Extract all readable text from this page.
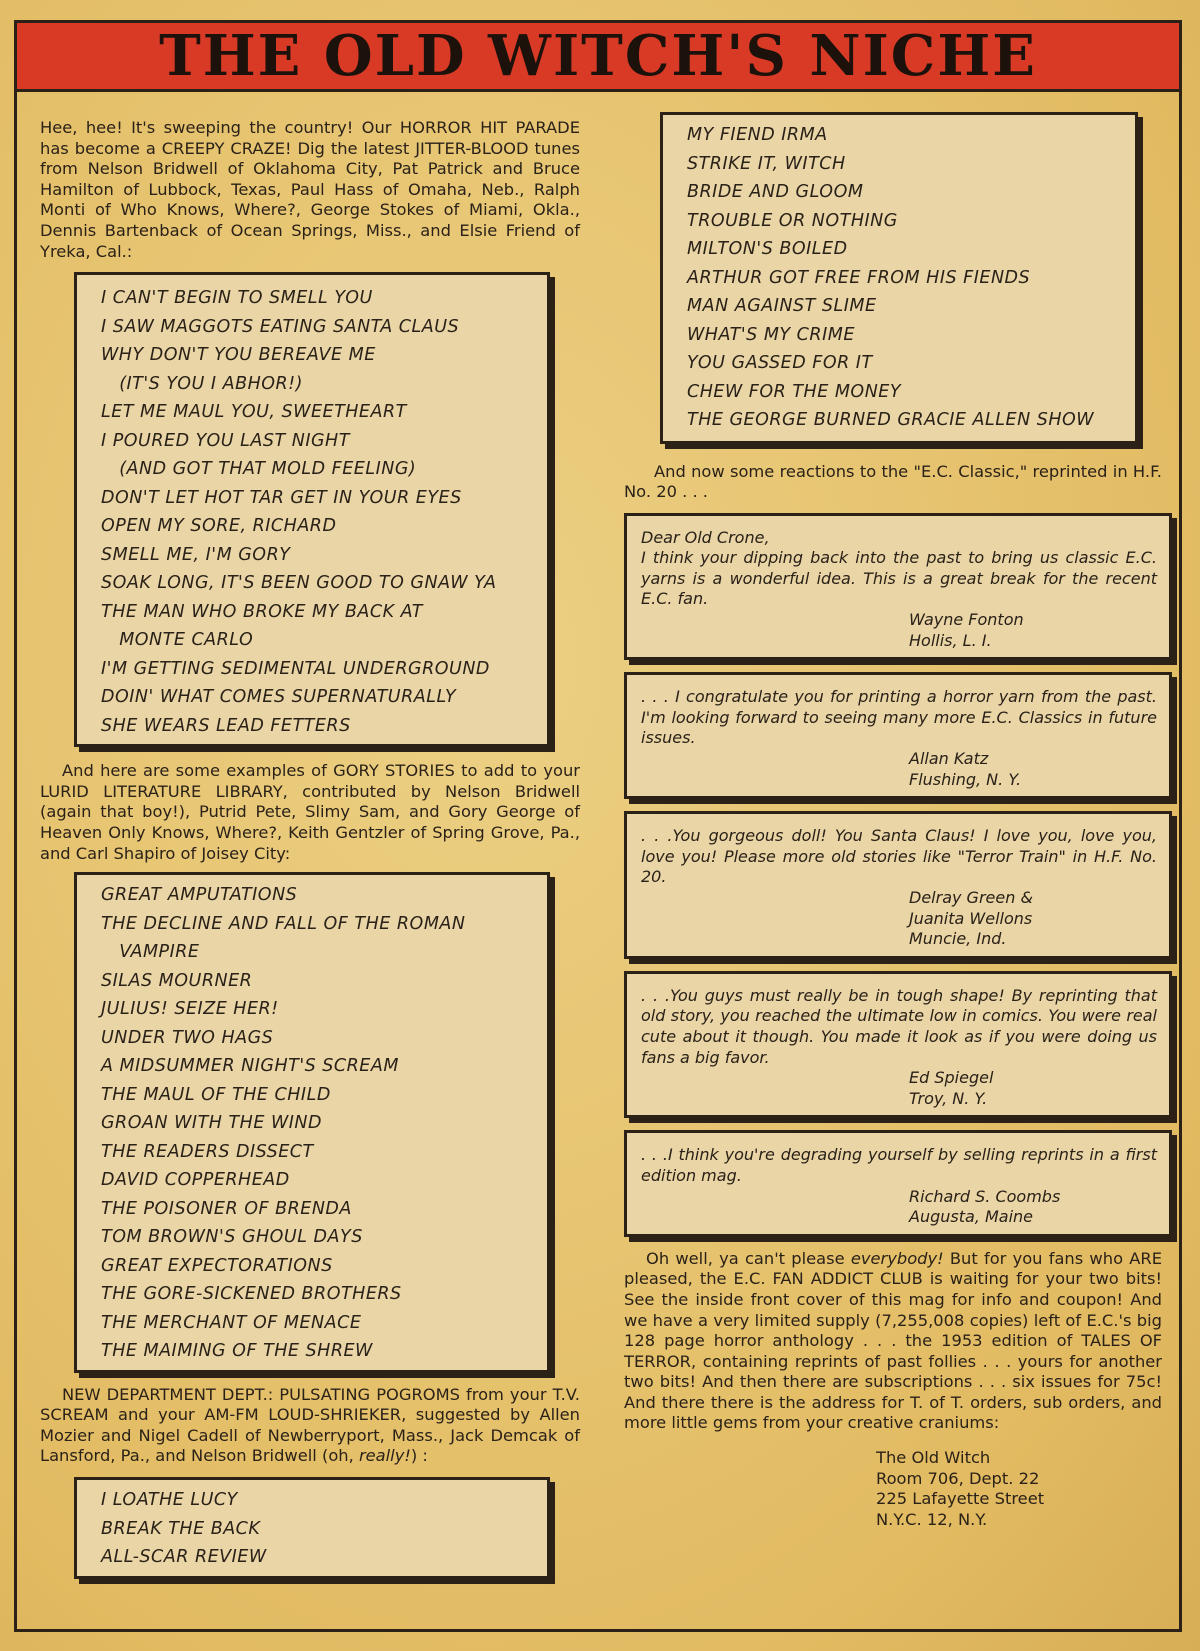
THE OLD WITCH'S NICHE

Hee, hee! It's sweeping the country! Our HORROR HIT PARADE has become a CREEPY CRAZE! Dig the latest JITTER-BLOOD tunes from Nelson Bridwell of Oklahoma City, Pat Patrick and Bruce Hamilton of Lubbock, Texas, Paul Hass of Omaha, Neb., Ralph Monti of Who Knows, Where?, George Stokes of Miami, Okla., Dennis Bartenback of Ocean Springs, Miss., and Elsie Friend of Yreka, Cal.:

I CAN'T BEGIN TO SMELL YOU
I SAW MAGGOTS EATING SANTA CLAUS
WHY DON'T YOU BEREAVE ME
(IT'S YOU I ABHOR!)
LET ME MAUL YOU, SWEETHEART
I POURED YOU LAST NIGHT
(AND GOT THAT MOLD FEELING)
DON'T LET HOT TAR GET IN YOUR EYES
OPEN MY SORE, RICHARD
SMELL ME, I'M GORY
SOAK LONG, IT'S BEEN GOOD TO GNAW YA
THE MAN WHO BROKE MY BACK AT
MONTE CARLO
I'M GETTING SEDIMENTAL UNDERGROUND
DOIN' WHAT COMES SUPERNATURALLY
SHE WEARS LEAD FETTERS

And here are some examples of GORY STORIES to add to your LURID LITERATURE LIBRARY, contributed by Nelson Bridwell (again that boy!), Putrid Pete, Slimy Sam, and Gory George of Heaven Only Knows, Where?, Keith Gentzler of Spring Grove, Pa., and Carl Shapiro of Joisey City:

GREAT AMPUTATIONS
THE DECLINE AND FALL OF THE ROMAN
VAMPIRE
SILAS MOURNER
JULIUS! SEIZE HER!
UNDER TWO HAGS
A MIDSUMMER NIGHT'S SCREAM
THE MAUL OF THE CHILD
GROAN WITH THE WIND
THE READERS DISSECT
DAVID COPPERHEAD
THE POISONER OF BRENDA
TOM BROWN'S GHOUL DAYS
GREAT EXPECTORATIONS
THE GORE-SICKENED BROTHERS
THE MERCHANT OF MENACE
THE MAIMING OF THE SHREW

NEW DEPARTMENT DEPT.: PULSATING POGROMS from your T.V. SCREAM and your AM-FM LOUD-SHRIEKER, suggested by Allen Mozier and Nigel Cadell of Newberryport, Mass., Jack Demcak of Lansford, Pa., and Nelson Bridwell (oh, really!) :

I LOATHE LUCY
BREAK THE BACK
ALL-SCAR REVIEW
MY FIEND IRMA
STRIKE IT, WITCH
BRIDE AND GLOOM
TROUBLE OR NOTHING
MILTON'S BOILED
ARTHUR GOT FREE FROM HIS FIENDS
MAN AGAINST SLIME
WHAT'S MY CRIME
YOU GASSED FOR IT
CHEW FOR THE MONEY
THE GEORGE BURNED GRACIE ALLEN SHOW

And now some reactions to the "E.C. Classic," reprinted in H.F. No. 20 . . .

Dear Old Crone,
I think your dipping back into the past to bring us classic E.C. yarns is a wonderful idea. This is a great break for the recent E.C. fan.

Wayne Fonton
Hollis, L. I.

. . . I congratulate you for printing a horror yarn from the past. I'm looking forward to seeing many more E.C. Classics in future issues.

Allan Katz
Flushing, N. Y.

. . .You gorgeous doll! You Santa Claus! I love you, love you, love you! Please more old stories like "Terror Train" in H.F. No. 20.

Delray Green &
Juanita Wellons
Muncie, Ind.

. . .You guys must really be in tough shape! By reprinting that old story, you reached the ultimate low in comics. You were real cute about it though. You made it look as if you were doing us fans a big favor.

Ed Spiegel
Troy, N. Y.

. . .I think you're degrading yourself by selling reprints in a first edition mag.

Richard S. Coombs
Augusta, Maine

Oh well, ya can't please everybody! But for you fans who ARE pleased, the E.C. FAN ADDICT CLUB is waiting for your two bits! See the inside front cover of this mag for info and coupon! And we have a very limited supply (7,255,008 copies) left of E.C.'s big 128 page horror anthology . . . the 1953 edition of TALES OF TERROR, containing reprints of past follies . . . yours for another two bits! And then there are subscriptions . . . six issues for 75c! And there there is the address for T. of T. orders, sub orders, and more little gems from your creative craniums:

The Old Witch
Room 706, Dept. 22
225 Lafayette Street
N.Y.C. 12, N.Y.
